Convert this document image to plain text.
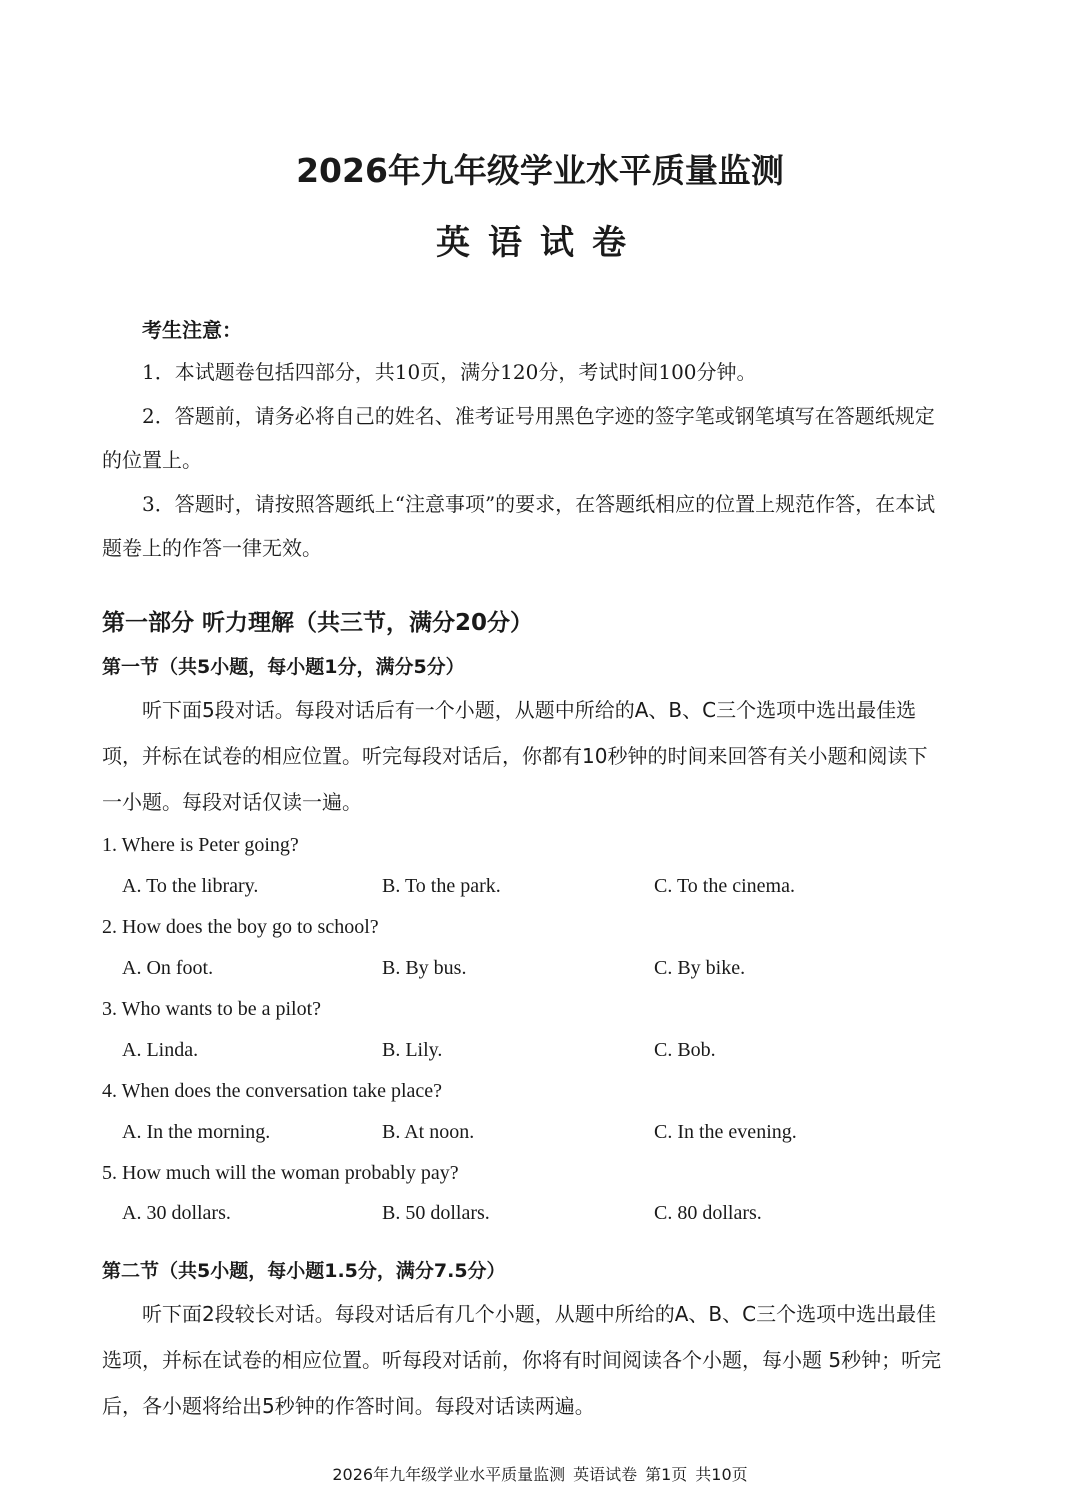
2026年九年级学业水平质量监测
英语试卷
考生注意：
1．本试题卷包括四部分，共10页，满分120分，考试时间100分钟。
2．答题前，请务必将自己的姓名、准考证号用黑色字迹的签字笔或钢笔填写在答题纸规定的位置上。
3．答题时，请按照答题纸上“注意事项”的要求，在答题纸相应的位置上规范作答，在本试题卷上的作答一律无效。
第一部分 听力理解（共三节，满分20分）
第一节（共5小题，每小题1分，满分5分）
听下面5段对话。每段对话后有一个小题，从题中所给的A、B、C三个选项中选出最佳选项，并标在试卷的相应位置。听完每段对话后，你都有10秒钟的时间来回答有关小题和阅读下一小题。每段对话仅读一遍。
1. Where is Peter going?
A. To the library.	B. To the park.	C. To the cinema.
2. How does the boy go to school?
A. On foot.	B. By bus.	C. By bike.
3. Who wants to be a pilot?
A. Linda.	B. Lily.	C. Bob.
4. When does the conversation take place?
A. In the morning.	B. At noon.	C. In the evening.
5. How much will the woman probably pay?
A. 30 dollars.	B. 50 dollars.	C. 80 dollars.
第二节（共5小题，每小题1.5分，满分7.5分）
听下面2段较长对话。每段对话后有几个小题，从题中所给的A、B、C三个选项中选出最佳选项，并标在试卷的相应位置。听每段对话前，你将有时间阅读各个小题，每小题 5秒钟；听完后，各小题将给出5秒钟的作答时间。每段对话读两遍。
2026年九年级学业水平质量监测 英语试卷 第1页 共10页
